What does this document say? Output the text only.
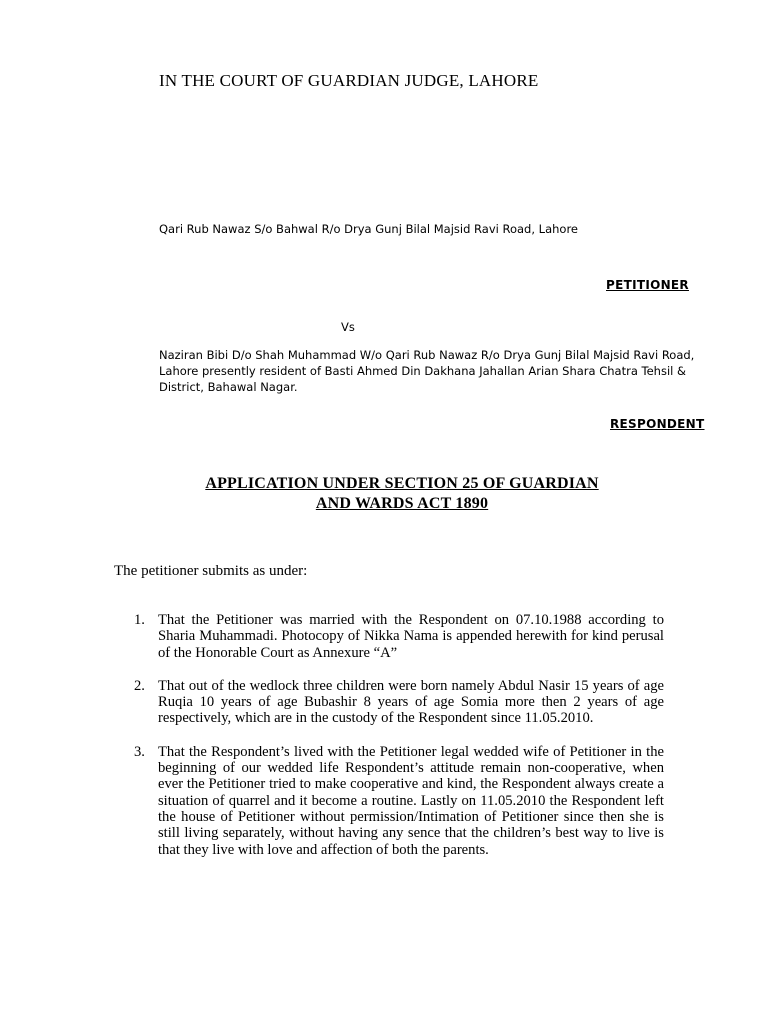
IN THE COURT OF GUARDIAN JUDGE, LAHORE
Qari Rub Nawaz S/o Bahwal R/o Drya Gunj Bilal Majsid Ravi Road, Lahore
PETITIONER
Vs
Naziran Bibi D/o Shah Muhammad W/o Qari Rub Nawaz R/o Drya Gunj Bilal Majsid Ravi Road, Lahore presently resident of Basti Ahmed Din Dakhana Jahallan Arian Shara Chatra Tehsil & District, Bahawal Nagar.
RESPONDENT
APPLICATION UNDER SECTION 25 OF GUARDIAN
AND WARDS ACT 1890
The petitioner submits as under:
1. That the Petitioner was married with the Respondent on 07.10.1988 according to Sharia Muhammadi. Photocopy of Nikka Nama is appended herewith for kind perusal of the Honorable Court as Annexure “A”
2. That out of the wedlock three children were born namely Abdul Nasir 15 years of age Ruqia 10 years of age Bubashir 8 years of age Somia more then 2 years of age respectively, which are in the custody of the Respondent since 11.05.2010.
3. That the Respondent’s lived with the Petitioner legal wedded wife of Petitioner in the beginning of our wedded life Respondent’s attitude remain non-cooperative, when ever the Petitioner tried to make cooperative and kind, the Respondent always create a situation of quarrel and it become a routine. Lastly on 11.05.2010 the Respondent left the house of Petitioner without permission/Intimation of Petitioner since then she is still living separately, without having any sence that the children’s best way to live is that they live with love and affection of both the parents.
